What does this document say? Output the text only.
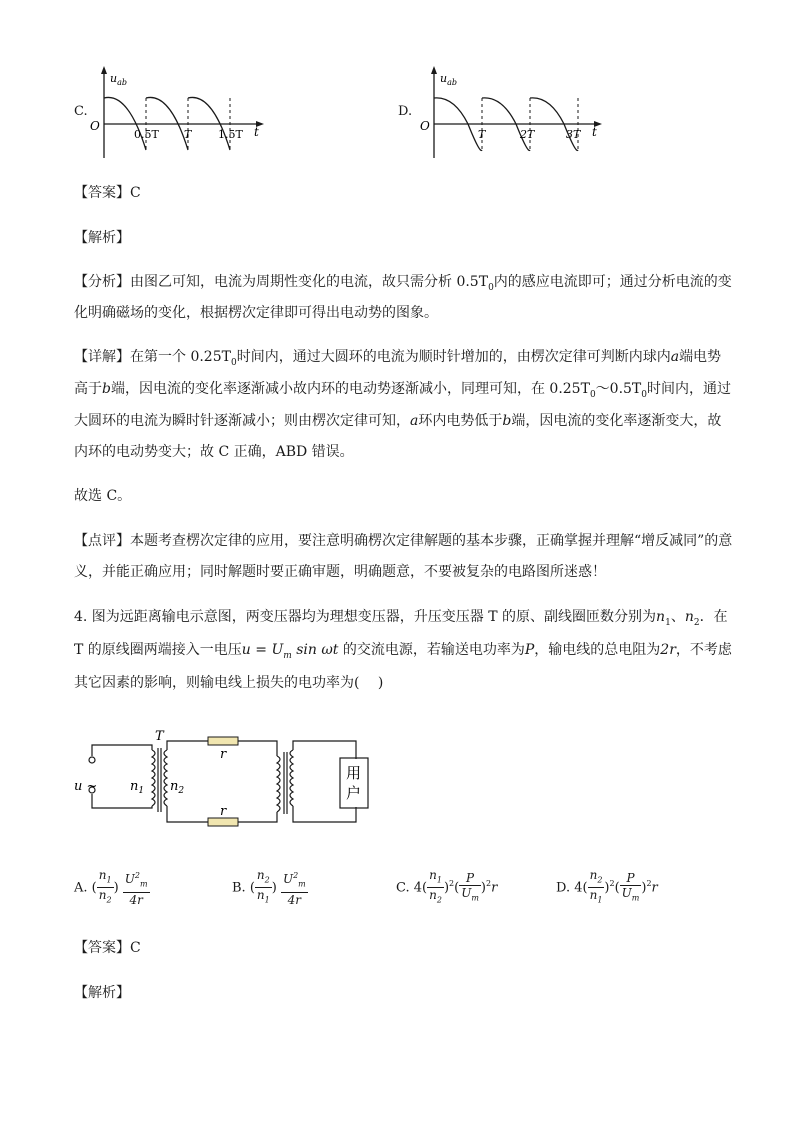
C.
$u_{ab}$
O
0.5T T 1.5T t
D.
$u_{ab}$
O
T	2T	3T t
【答案】C
【解析】
【分析】由图乙可知，电流为周期性变化的电流，故只需分析 $0.5T_0$内的感应电流即可；通过分析电流的变
化明确磁场的变化，根据楞次定律即可得出电动势的图象。
【详解】在第一个 $0.25T_0$时间内，通过大圆环的电流为顺时针增加的，由楞次定律可判断内球内a端电势
高于b端，因电流的变化率逐渐减小故内环的电动势逐渐减小，同理可知，在 $0.25T_0\sim 0.5T_0$时间内，通过
大圆环的电流为瞬时针逐渐减小；则由楞次定律可知，a环内电势低于b端，因电流的变化率逐渐变大，故
内环的电动势变大；故 C 正确，ABD 错误。
故选 C。
【点评】本题考查楞次定律的应用，要注意明确楞次定律解题的基本步骤，正确掌握并理解“增反减同”的意
义，并能正确应用；同时解题时要正确审题，明确题意，不要被复杂的电路图所迷惑！
4. 图为远距离输电示意图，两变压器均为理想变压器，升压变压器 T 的原、副线圈匝数分别为$n_1$、$n_2$．在
T 的原线圈两端接入一电压$u = U_m$ sin ωt 的交流电源，若输送电功率为P，输电线的总电阻为2r，不考虑
其它因素的影响，则输电线上损失的电功率为(　 )
T
r
r
u ~	$n_1$ $n_2$
用
户
A. ( $\frac{n_1}{n_2}$ ) $\frac{U^2_m}{4r}$	B. ( $\frac{n_2}{n_1}$ ) $\frac{U^2_m}{4r}$	C. $4( \frac{n_1}{n_2} )^2( \frac{P}{U_m} )^2r$	D. $4( \frac{n_2}{n_1} )^2( \frac{P}{U_m} )^2r$
【答案】C
【解析】
